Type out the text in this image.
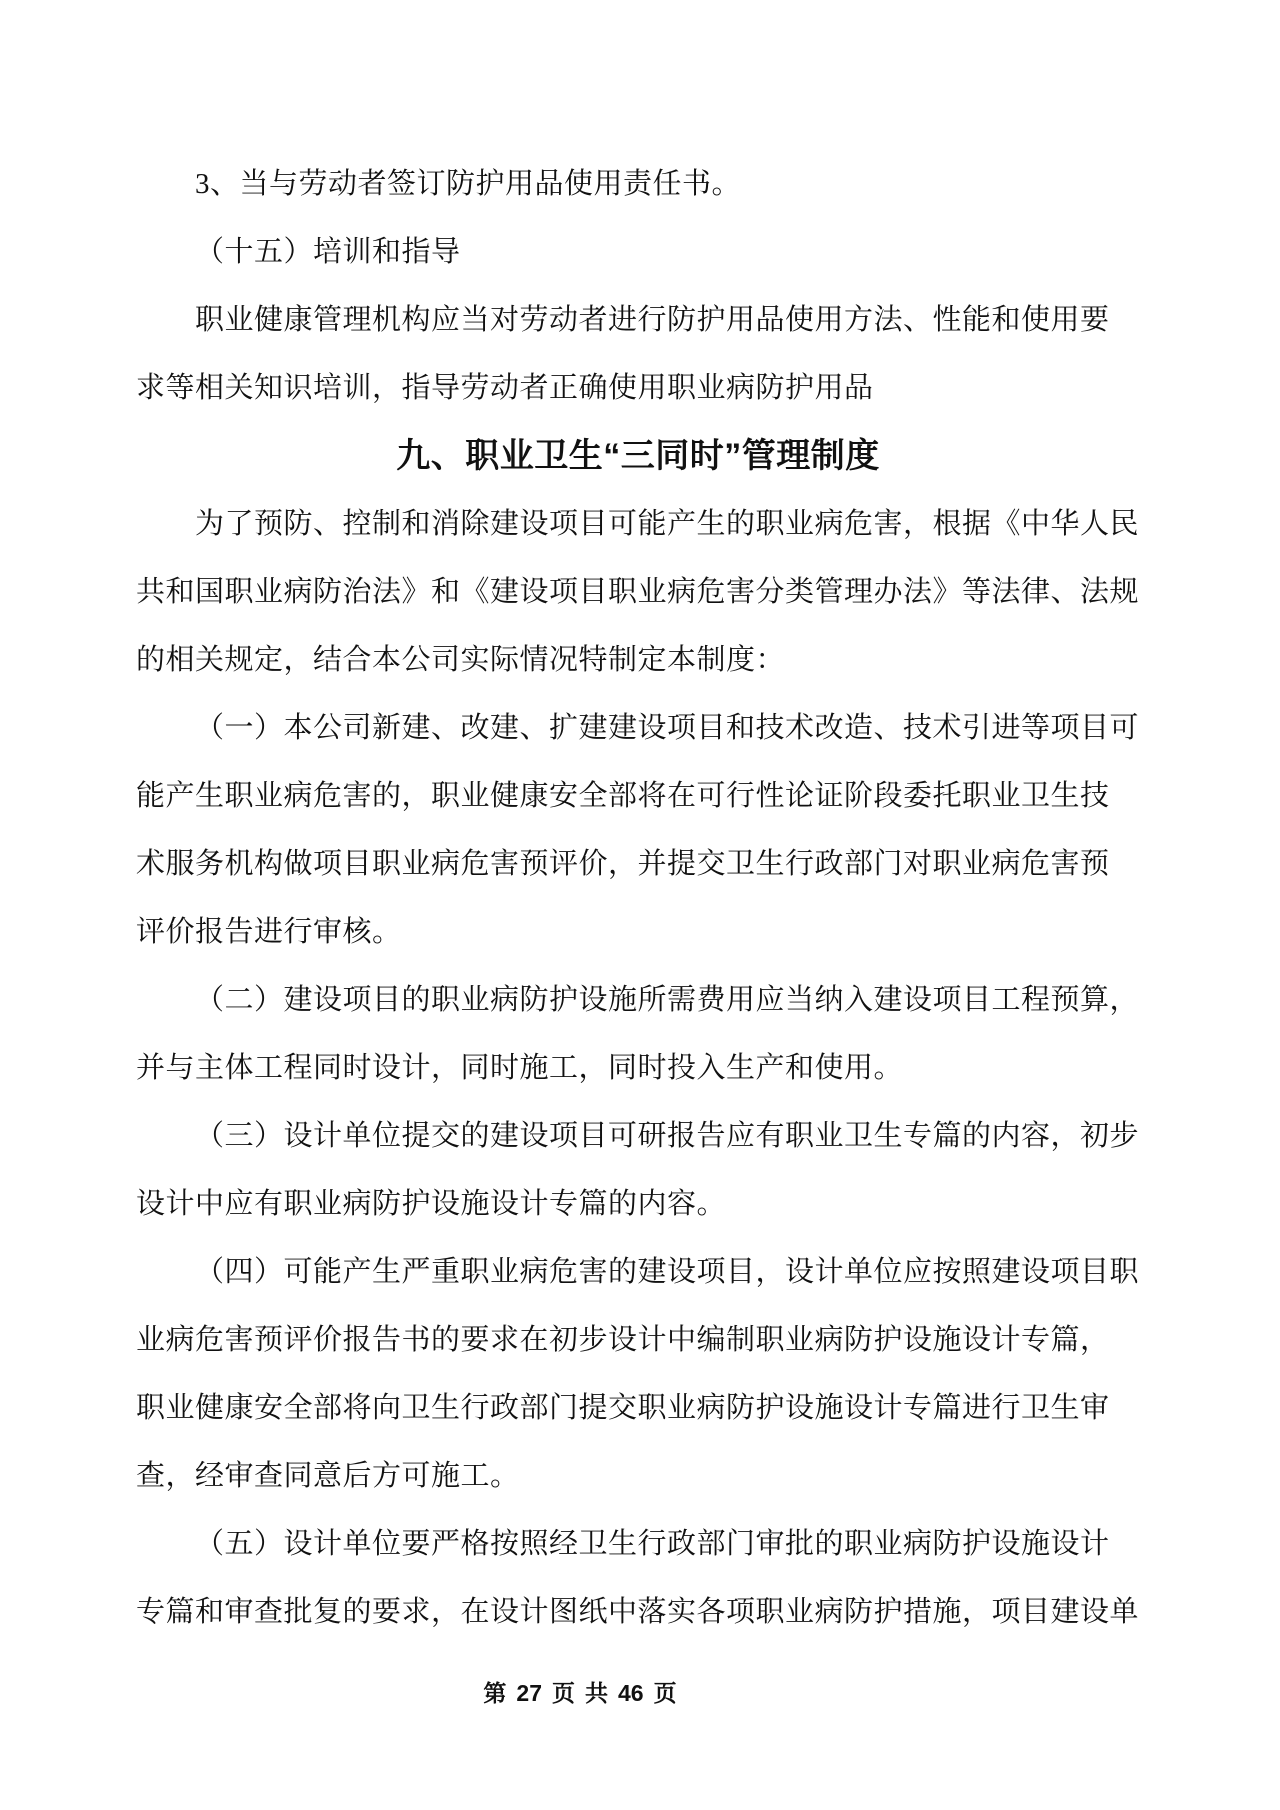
3、当与劳动者签订防护用品使用责任书。
（十五）培训和指导
职业健康管理机构应当对劳动者进行防护用品使用方法、性能和使用要
求等相关知识培训，指导劳动者正确使用职业病防护用品
九、职业卫生“三同时”管理制度
为了预防、控制和消除建设项目可能产生的职业病危害，根据《中华人民
共和国职业病防治法》和《建设项目职业病危害分类管理办法》等法律、法规
的相关规定，结合本公司实际情况特制定本制度：
（一）本公司新建、改建、扩建建设项目和技术改造、技术引进等项目可
能产生职业病危害的，职业健康安全部将在可行性论证阶段委托职业卫生技
术服务机构做项目职业病危害预评价，并提交卫生行政部门对职业病危害预
评价报告进行审核。
（二）建设项目的职业病防护设施所需费用应当纳入建设项目工程预算，
并与主体工程同时设计，同时施工，同时投入生产和使用。
（三）设计单位提交的建设项目可研报告应有职业卫生专篇的内容，初步
设计中应有职业病防护设施设计专篇的内容。
（四）可能产生严重职业病危害的建设项目，设计单位应按照建设项目职
业病危害预评价报告书的要求在初步设计中编制职业病防护设施设计专篇，
职业健康安全部将向卫生行政部门提交职业病防护设施设计专篇进行卫生审
查，经审查同意后方可施工。
（五）设计单位要严格按照经卫生行政部门审批的职业病防护设施设计
专篇和审查批复的要求，在设计图纸中落实各项职业病防护措施，项目建设单
第 27 页 共 46 页
